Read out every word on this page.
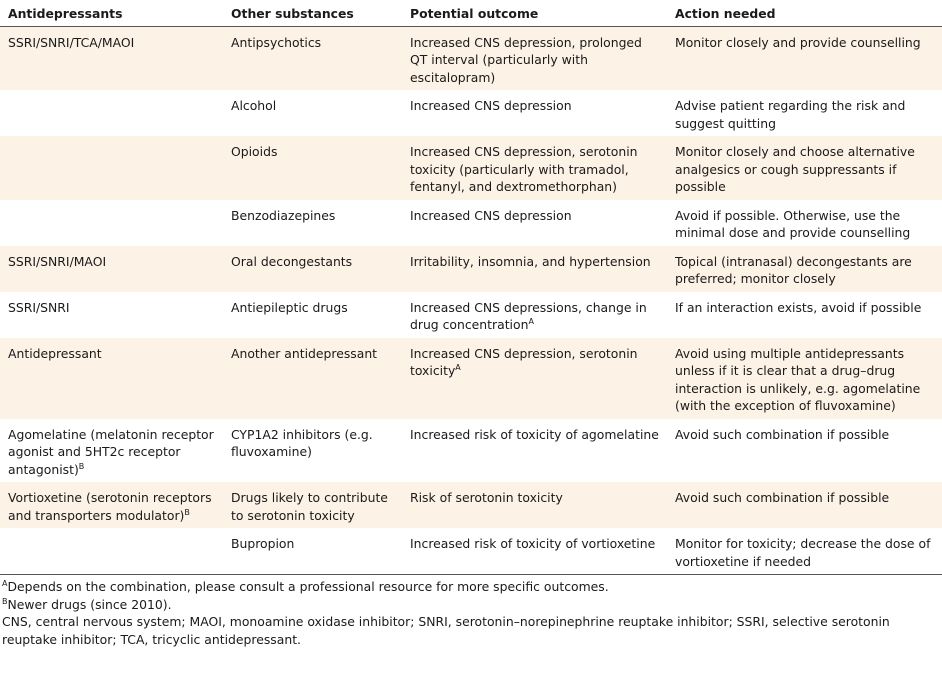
Antidepressants	Other substances	Potential outcome	Action needed
SSRI/SNRI/TCA/MAOI	Antipsychotics	Increased CNS depression, prolonged QT interval (particularly with escitalopram)	Monitor closely and provide counselling
	Alcohol	Increased CNS depression	Advise patient regarding the risk and suggest quitting
	Opioids	Increased CNS depression, serotonin toxicity (particularly with tramadol, fentanyl, and dextromethorphan)	Monitor closely and choose alternative analgesics or cough suppressants if possible
	Benzodiazepines	Increased CNS depression	Avoid if possible. Otherwise, use the minimal dose and provide counselling
SSRI/SNRI/MAOI	Oral decongestants	Irritability, insomnia, and hypertension	Topical (intranasal) decongestants are preferred; monitor closely
SSRI/SNRI	Antiepileptic drugs	Increased CNS depressions, change in drug concentration$^A$	If an interaction exists, avoid if possible
Antidepressant	Another antidepressant	Increased CNS depression, serotonin toxicity$^A$	Avoid using multiple antidepressants unless if it is clear that a drug–drug interaction is unlikely, e.g. agomelatine (with the exception of fluvoxamine)
Agomelatine (melatonin receptor agonist and 5HT2c receptor antagonist)$^B$	CYP1A2 inhibitors (e.g. fluvoxamine)	Increased risk of toxicity of agomelatine	Avoid such combination if possible
Vortioxetine (serotonin receptors and transporters modulator)$^B$	Drugs likely to contribute to serotonin toxicity	Risk of serotonin toxicity	Avoid such combination if possible
	Bupropion	Increased risk of toxicity of vortioxetine	Monitor for toxicity; decrease the dose of vortioxetine if needed

$^A$Depends on the combination, please consult a professional resource for more specific outcomes.

$^B$Newer drugs (since 2010).

CNS, central nervous system; MAOI, monoamine oxidase inhibitor; SNRI, serotonin–norepinephrine reuptake inhibitor; SSRI, selective serotonin reuptake inhibitor; TCA, tricyclic antidepressant.
